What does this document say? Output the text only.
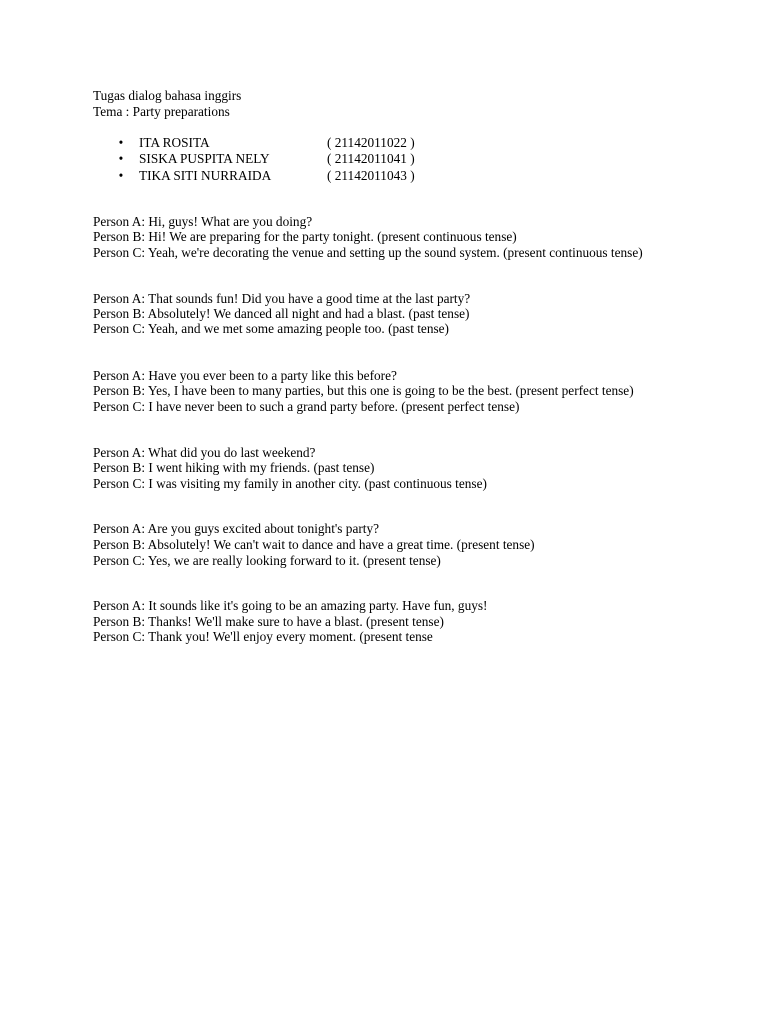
Tugas dialog bahasa inggirs
Tema : Party preparations
• ITA ROSITA	( 21142011022 )
• SISKA PUSPITA NELY	( 21142011041 )
• TIKA SITI NURRAIDA	( 21142011043 )
Person A: Hi, guys! What are you doing?
Person B: Hi! We are preparing for the party tonight. (present continuous tense)
Person C: Yeah, we're decorating the venue and setting up the sound system. (present continuous tense)
Person A: That sounds fun! Did you have a good time at the last party?
Person B: Absolutely! We danced all night and had a blast. (past tense)
Person C: Yeah, and we met some amazing people too. (past tense)
Person A: Have you ever been to a party like this before?
Person B: Yes, I have been to many parties, but this one is going to be the best. (present perfect tense)
Person C: I have never been to such a grand party before. (present perfect tense)
Person A: What did you do last weekend?
Person B: I went hiking with my friends. (past tense)
Person C: I was visiting my family in another city. (past continuous tense)
Person A: Are you guys excited about tonight's party?
Person B: Absolutely! We can't wait to dance and have a great time. (present tense)
Person C: Yes, we are really looking forward to it. (present tense)
Person A: It sounds like it's going to be an amazing party. Have fun, guys!
Person B: Thanks! We'll make sure to have a blast. (present tense)
Person C: Thank you! We'll enjoy every moment. (present tense
